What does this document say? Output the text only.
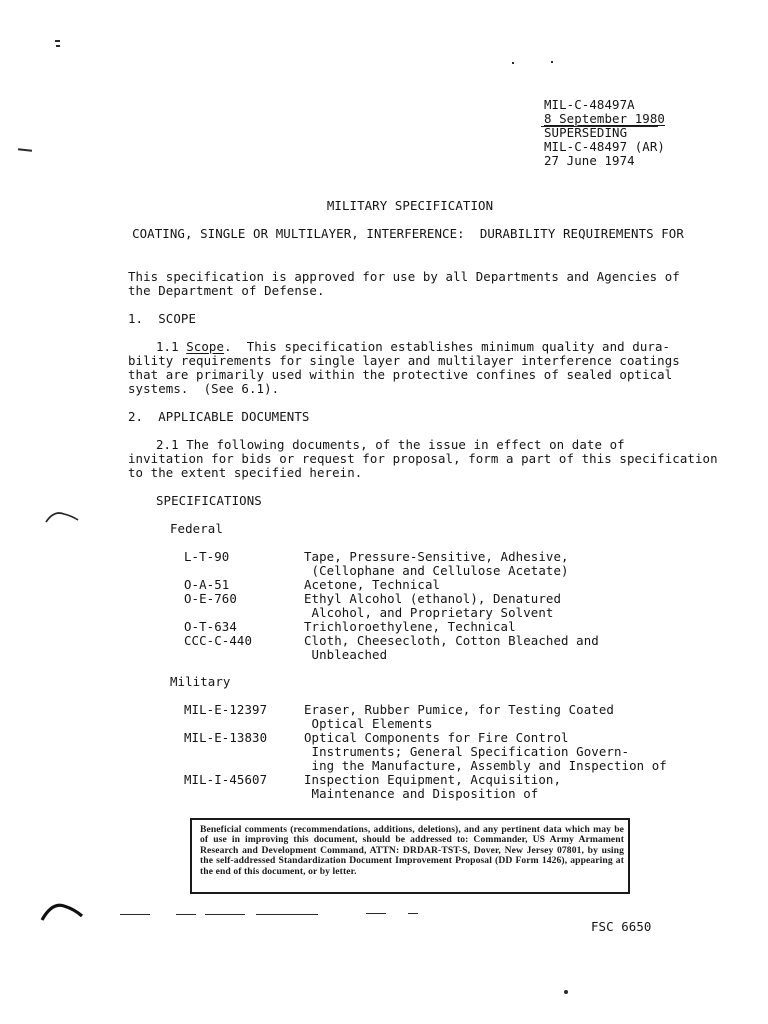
MIL-C-48497A
8 September 1980
SUPERSEDING
MIL-C-48497 (AR)
27 June 1974
MILITARY SPECIFICATION
COATING, SINGLE OR MULTILAYER, INTERFERENCE:  DURABILITY REQUIREMENTS FOR
This specification is approved for use by all Departments and Agencies of
the Department of Defense.
1.  SCOPE
1.1 Scope.  This specification establishes minimum quality and dura-
bility requirements for single layer and multilayer interference coatings
that are primarily used within the protective confines of sealed optical
systems.  (See 6.1).
2.  APPLICABLE DOCUMENTS
2.1 The following documents, of the issue in effect on date of
invitation for bids or request for proposal, form a part of this specification
to the extent specified herein.
SPECIFICATIONS
Federal
L-T-90	Tape, Pressure-Sensitive, Adhesive,
(Cellophane and Cellulose Acetate)
O-A-51	Acetone, Technical
O-E-760	Ethyl Alcohol (ethanol), Denatured
Alcohol, and Proprietary Solvent
O-T-634	Trichloroethylene, Technical
CCC-C-440	Cloth, Cheesecloth, Cotton Bleached and
Unbleached
Military
MIL-E-12397	Eraser, Rubber Pumice, for Testing Coated
Optical Elements
MIL-E-13830	Optical Components for Fire Control
Instruments; General Specification Govern-
ing the Manufacture, Assembly and Inspection of
MIL-I-45607	Inspection Equipment, Acquisition,
Maintenance and Disposition of
Beneficial comments (recommendations, additions, deletions), and any pertinent data which may be of use in improving this document, should be addressed to: Commander, US Army Armament Research and Development Command, ATTN: DRDAR-TST-S, Dover, New Jersey 07801, by using the self-addressed Standardization Document Improvement Proposal (DD Form 1426), appearing at the end of this document, or by letter.
FSC 6650
